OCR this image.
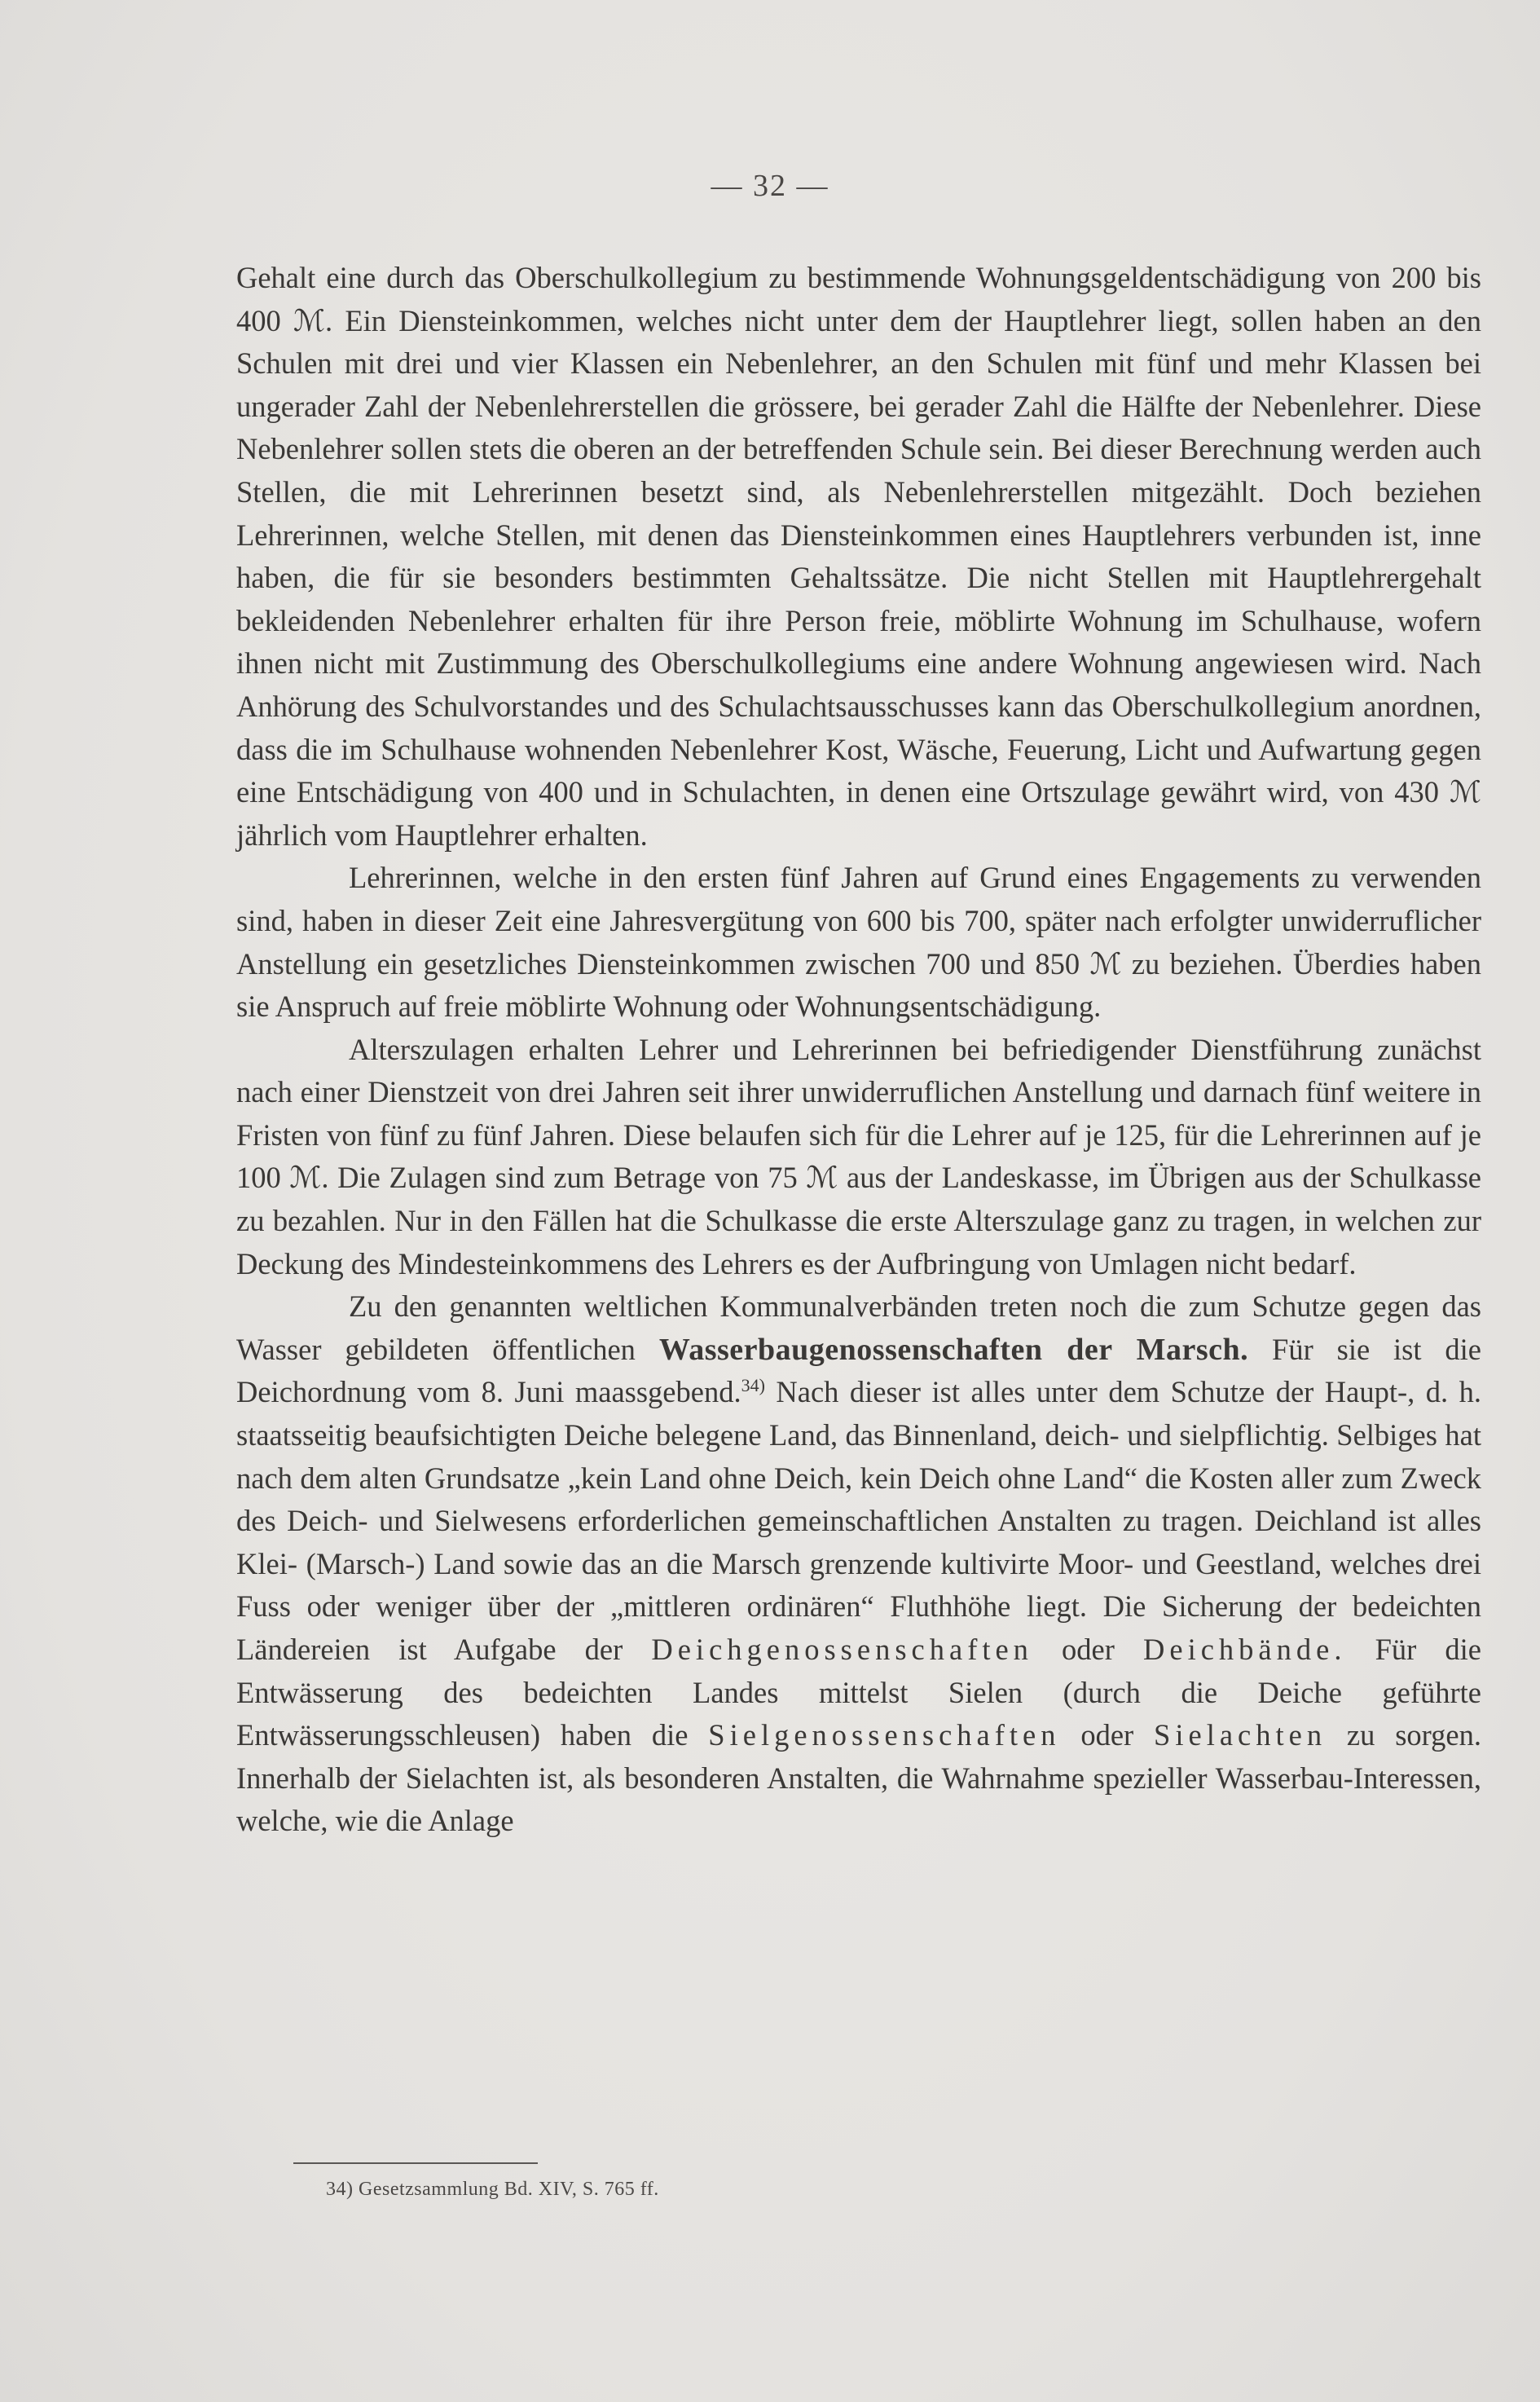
— 32 —

Gehalt eine durch das Oberschulkollegium zu bestimmende Wohnungsgeldentschädigung von 200 bis 400 ℳ. Ein Diensteinkommen, welches nicht unter dem der Hauptlehrer liegt, sollen haben an den Schulen mit drei und vier Klassen ein Nebenlehrer, an den Schulen mit fünf und mehr Klassen bei ungerader Zahl der Nebenlehrerstellen die grössere, bei gerader Zahl die Hälfte der Nebenlehrer. Diese Nebenlehrer sollen stets die oberen an der betreffenden Schule sein. Bei dieser Berechnung werden auch Stellen, die mit Lehrerinnen besetzt sind, als Nebenlehrerstellen mitgezählt. Doch beziehen Lehrerinnen, welche Stellen, mit denen das Diensteinkommen eines Hauptlehrers verbunden ist, inne haben, die für sie besonders bestimmten Gehaltssätze. Die nicht Stellen mit Hauptlehrergehalt bekleidenden Nebenlehrer erhalten für ihre Person freie, möblirte Wohnung im Schulhause, wofern ihnen nicht mit Zustimmung des Oberschulkollegiums eine andere Wohnung angewiesen wird. Nach Anhörung des Schulvorstandes und des Schulachtsausschusses kann das Oberschulkollegium anordnen, dass die im Schulhause wohnenden Nebenlehrer Kost, Wäsche, Feuerung, Licht und Aufwartung gegen eine Entschädigung von 400 und in Schulachten, in denen eine Ortszulage gewährt wird, von 430 ℳ jährlich vom Hauptlehrer erhalten.

Lehrerinnen, welche in den ersten fünf Jahren auf Grund eines Engagements zu verwenden sind, haben in dieser Zeit eine Jahresvergütung von 600 bis 700, später nach erfolgter unwiderruflicher Anstellung ein gesetzliches Diensteinkommen zwischen 700 und 850 ℳ zu beziehen. Überdies haben sie Anspruch auf freie möblirte Wohnung oder Wohnungsentschädigung.

Alterszulagen erhalten Lehrer und Lehrerinnen bei befriedigender Dienstführung zunächst nach einer Dienstzeit von drei Jahren seit ihrer unwiderruflichen Anstellung und darnach fünf weitere in Fristen von fünf zu fünf Jahren. Diese belaufen sich für die Lehrer auf je 125, für die Lehrerinnen auf je 100 ℳ. Die Zulagen sind zum Betrage von 75 ℳ aus der Landeskasse, im Übrigen aus der Schulkasse zu bezahlen. Nur in den Fällen hat die Schulkasse die erste Alterszulage ganz zu tragen, in welchen zur Deckung des Mindesteinkommens des Lehrers es der Aufbringung von Umlagen nicht bedarf.

Zu den genannten weltlichen Kommunalverbänden treten noch die zum Schutze gegen das Wasser gebildeten öffentlichen Wasserbaugenossenschaften der Marsch. Für sie ist die Deichordnung vom 8. Juni maassgebend.$^{34)}$ Nach dieser ist alles unter dem Schutze der Haupt-, d. h. staatsseitig beaufsichtigten Deiche belegene Land, das Binnenland, deich- und sielpflichtig. Selbiges hat nach dem alten Grundsatze „kein Land ohne Deich, kein Deich ohne Land“ die Kosten aller zum Zweck des Deich- und Sielwesens erforderlichen gemeinschaftlichen Anstalten zu tragen. Deichland ist alles Klei- (Marsch-) Land sowie das an die Marsch grenzende kultivirte Moor- und Geestland, welches drei Fuss oder weniger über der „mittleren ordinären“ Fluthhöhe liegt. Die Sicherung der bedeichten Ländereien ist Aufgabe der Deichgenossenschaften oder Deichbände. Für die Entwässerung des bedeichten Landes mittelst Sielen (durch die Deiche geführte Entwässerungsschleusen) haben die Sielgenossenschaften oder Sielachten zu sorgen. Innerhalb der Sielachten ist, als besonderen Anstalten, die Wahrnahme spezieller Wasserbau-Interessen, welche, wie die Anlage

34) Gesetzsammlung Bd. XIV, S. 765 ff.
